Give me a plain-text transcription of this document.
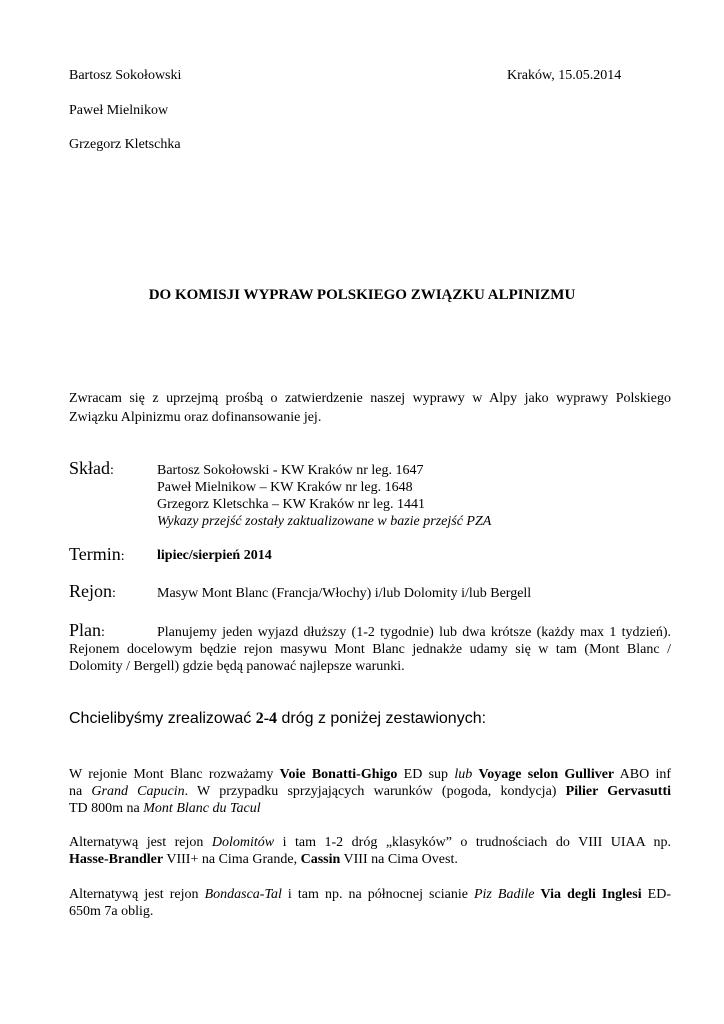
Bartosz Sokołowski	Kraków, 15.05.2014
Paweł Mielnikow
Grzegorz Kletschka
DO KOMISJI WYPRAW POLSKIEGO ZWIĄZKU ALPINIZMU
Zwracam się z uprzejmą prośbą o zatwierdzenie naszej wyprawy w Alpy jako wyprawy Polskiego
Związku Alpinizmu oraz dofinansowanie jej.
Skład:	Bartosz Sokołowski - KW Kraków nr leg. 1647
Paweł Mielnikow – KW Kraków nr leg. 1648
Grzegorz Kletschka – KW Kraków nr leg. 1441
Wykazy przejść zostały zaktualizowane w bazie przejść PZA
Termin: lipiec/sierpień 2014
Rejon:	Masyw Mont Blanc (Francja/Włochy) i/lub Dolomity i/lub Bergell
Plan:	Planujemy jeden wyjazd dłuższy (1-2 tygodnie) lub dwa krótsze (każdy max 1 tydzień).
Rejonem docelowym będzie rejon masywu Mont Blanc jednakże udamy się w tam (Mont Blanc /
Dolomity / Bergell) gdzie będą panować najlepsze warunki.
Chcielibyśmy zrealizować 2-4 dróg z poniżej zestawionych:
W rejonie Mont Blanc rozważamy Voie Bonatti-Ghigo ED sup lub Voyage selon Gulliver ABO inf
na Grand Capucin. W przypadku sprzyjających warunków (pogoda, kondycja) Pilier Gervasutti
TD 800m na Mont Blanc du Tacul
Alternatywą jest rejon Dolomitów i tam 1-2 dróg „klasyków” o trudnościach do VIII UIAA np.
Hasse-Brandler VIII+ na Cima Grande, Cassin VIII na Cima Ovest.
Alternatywą jest rejon Bondasca-Tal i tam np. na północnej scianie Piz Badile Via degli Inglesi ED-
650m 7a oblig.
